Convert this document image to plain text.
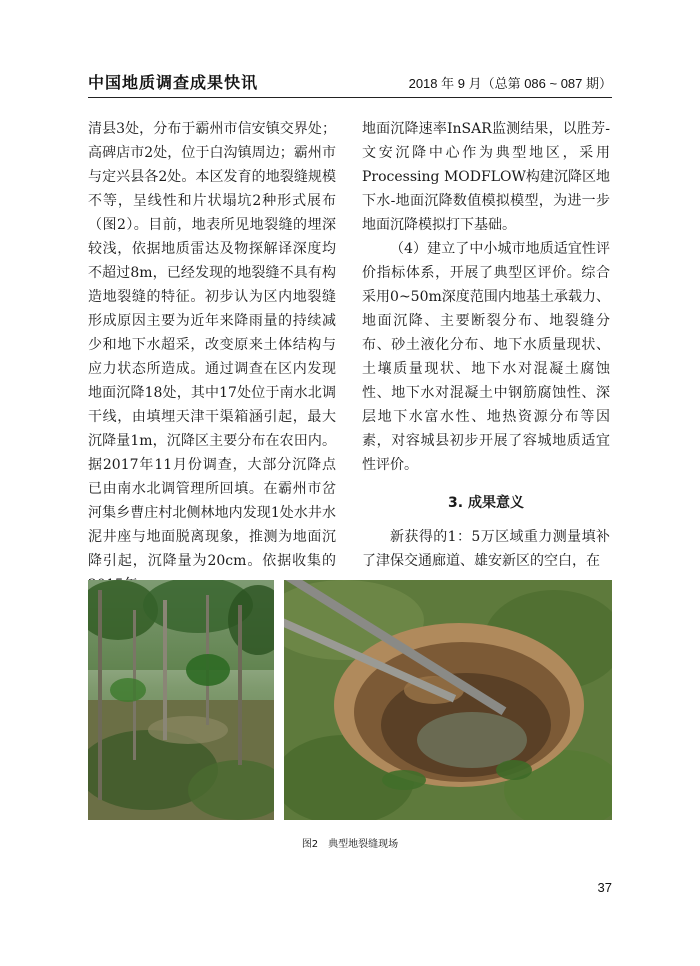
中国地质调查成果快讯	2018 年 9 月（总第 086 ~ 087 期）

清县3处，分布于霸州市信安镇交界处；高碑店市2处，位于白沟镇周边；霸州市与定兴县各2处。本区发育的地裂缝规模不等，呈线性和片状塌坑2种形式展布（图2）。目前，地表所见地裂缝的埋深较浅，依据地质雷达及物探解译深度均不超过8m，已经发现的地裂缝不具有构造地裂缝的特征。初步认为区内地裂缝形成原因主要为近年来降雨量的持续减少和地下水超采，改变原来土体结构与应力状态所造成。通过调查在区内发现地面沉降18处，其中17处位于南水北调干线，由填埋天津干渠箱涵引起，最大沉降量1m，沉降区主要分布在农田内。据2017年11月份调查，大部分沉降点已由南水北调管理所回填。在霸州市岔河集乡曹庄村北侧林地内发现1处水井水泥井座与地面脱离现象，推测为地面沉降引起，沉降量为20cm。依据收集的

地面沉降速率InSAR监测结果，以胜芳-文安沉降中心作为典型地区，采用Processing MODFLOW构建沉降区地下水-地面沉降数值模拟模型，为进一步地面沉降模拟打下基础。

（4）建立了中小城市地质适宜性评价指标体系，开展了典型区评价。综合采用0~50m深度范围内地基土承载力、地面沉降、主要断裂分布、地裂缝分布、砂土液化分布、地下水质量现状、土壤质量现状、地下水对混凝土腐蚀性、地下水对混凝土中钢筋腐蚀性、深层地下水富水性、地热资源分布等因素，对容城县初步开展了容城地质适宜性评价。

3. 成果意义

新获得的1：5万区域重力测量填补了津保交通廊道、雄安新区的空白，在

图2　典型地裂缝现场
37
